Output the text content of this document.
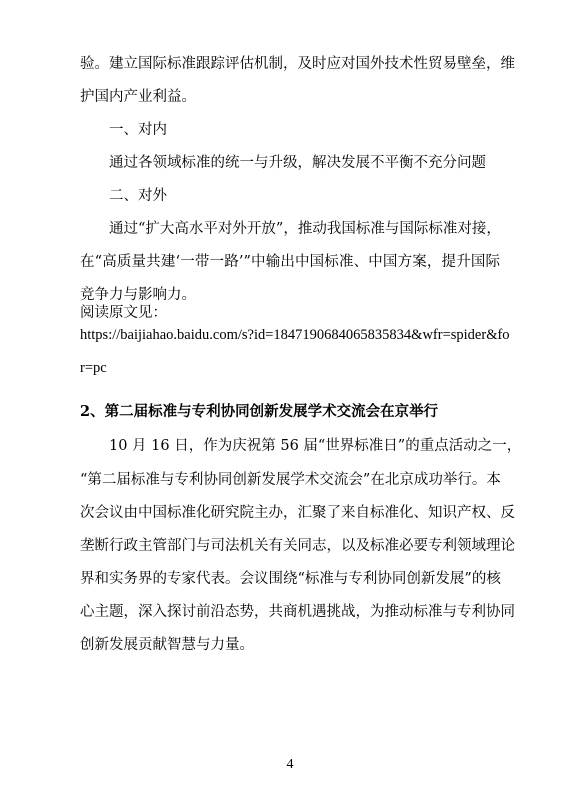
验。建立国际标准跟踪评估机制，及时应对国外技术性贸易壁垒，维
护国内产业利益。
一、对内
通过各领域标准的统一与升级，解决发展不平衡不充分问题
二、对外
通过“扩大高水平对外开放”，推动我国标准与国际标准对接，
在“高质量共建‘一带一路’”中输出中国标准、中国方案，提升国际
竞争力与影响力。
阅读原文见：
https://baijiahao.baidu.com/s?id=1847190684065835834&wfr=spider&fo
r=pc
2、第二届标准与专利协同创新发展学术交流会在京举行
10 月 16 日，作为庆祝第 56 届“世界标准日”的重点活动之一，
“第二届标准与专利协同创新发展学术交流会”在北京成功举行。本
次会议由中国标准化研究院主办，汇聚了来自标准化、知识产权、反
垄断行政主管部门与司法机关有关同志，以及标准必要专利领域理论
界和实务界的专家代表。会议围绕“标准与专利协同创新发展”的核
心主题，深入探讨前沿态势，共商机遇挑战，为推动标准与专利协同
创新发展贡献智慧与力量。
4
